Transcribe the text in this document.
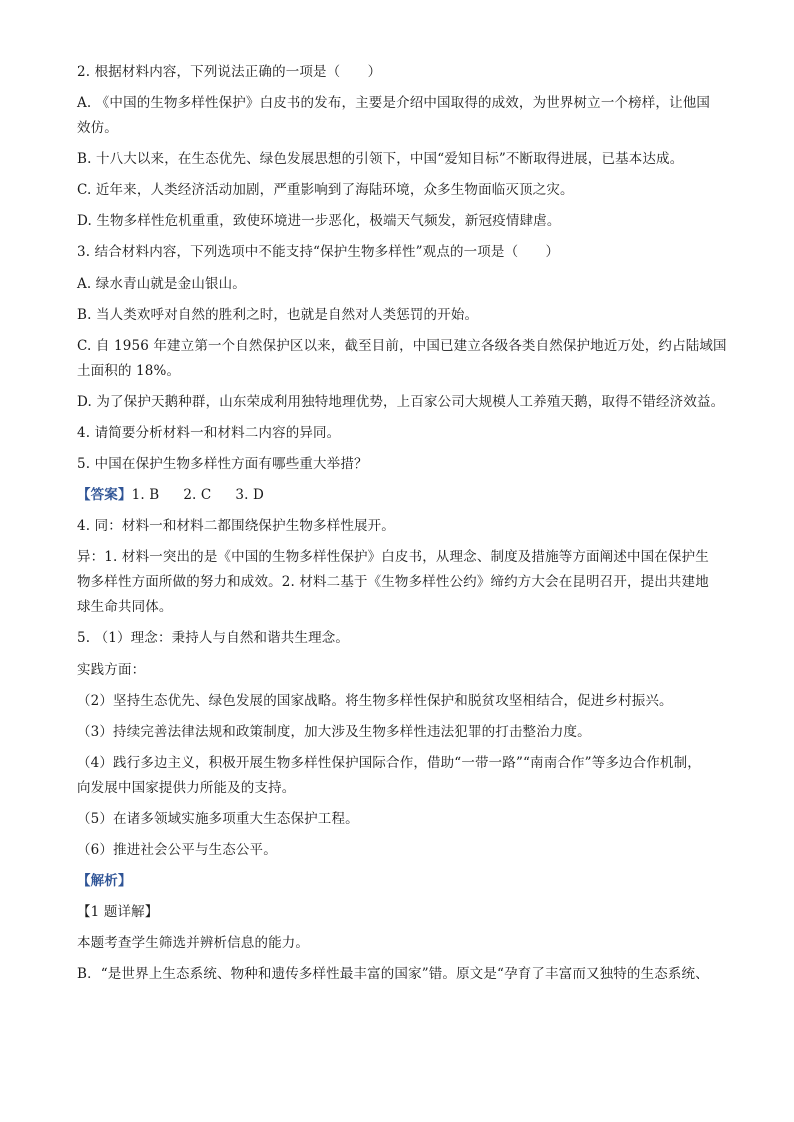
2. 根据材料内容，下列说法正确的一项是（　　）
A. 《中国的生物多样性保护》白皮书的发布，主要是介绍中国取得的成效，为世界树立一个榜样，让他国
效仿。
B. 十八大以来，在生态优先、绿色发展思想的引领下，中国“爱知目标”不断取得进展，已基本达成。
C. 近年来，人类经济活动加剧，严重影响到了海陆环境，众多生物面临灭顶之灾。
D. 生物多样性危机重重，致使环境进一步恶化，极端天气频发，新冠疫情肆虐。
3. 结合材料内容，下列选项中不能支持“保护生物多样性”观点的一项是（　　）
A. 绿水青山就是金山银山。
B. 当人类欢呼对自然的胜利之时，也就是自然对人类惩罚的开始。
C. 自 1956 年建立第一个自然保护区以来，截至目前，中国已建立各级各类自然保护地近万处，约占陆域国
土面积的 18%。
D. 为了保护天鹅种群，山东荣成利用独特地理优势，上百家公司大规模人工养殖天鹅，取得不错经济效益。
4. 请简要分析材料一和材料二内容的异同。
5. 中国在保护生物多样性方面有哪些重大举措？
【答案】1. B 2. C 3. D
4. 同：材料一和材料二都围绕保护生物多样性展开。
异：1. 材料一突出的是《中国的生物多样性保护》白皮书，从理念、制度及措施等方面阐述中国在保护生
物多样性方面所做的努力和成效。2. 材料二基于《生物多样性公约》缔约方大会在昆明召开，提出共建地
球生命共同体。
5. （1）理念：秉持人与自然和谐共生理念。
实践方面：
（2）坚持生态优先、绿色发展的国家战略。将生物多样性保护和脱贫攻坚相结合，促进乡村振兴。
（3）持续完善法律法规和政策制度，加大涉及生物多样性违法犯罪的打击整治力度。
（4）践行多边主义，积极开展生物多样性保护国际合作，借助“一带一路”“南南合作”等多边合作机制，
向发展中国家提供力所能及的支持。
（5）在诸多领域实施多项重大生态保护工程。
（6）推进社会公平与生态公平。
【解析】
【1 题详解】
本题考查学生筛选并辨析信息的能力。
B．“是世界上生态系统、物种和遗传多样性最丰富的国家”错。原文是“孕育了丰富而又独特的生态系统、
